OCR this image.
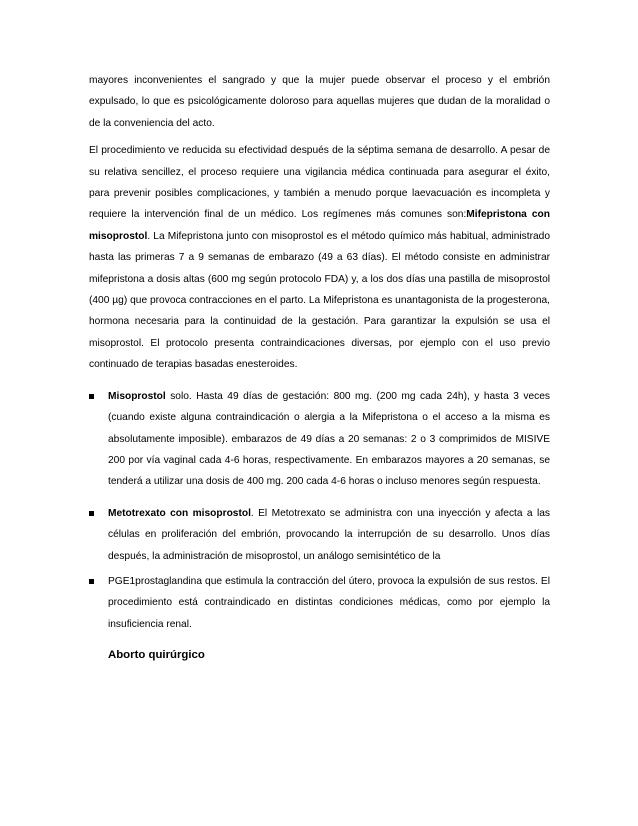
mayores inconvenientes el sangrado y que la mujer puede observar el proceso y el embrión expulsado, lo que es psicológicamente doloroso para aquellas mujeres que dudan de la moralidad o de la conveniencia del acto.

El procedimiento ve reducida su efectividad después de la séptima semana de desarrollo. A pesar de su relativa sencillez, el proceso requiere una vigilancia médica continuada para asegurar el éxito, para prevenir posibles complicaciones, y también a menudo porque laevacuación es incompleta y requiere la intervención final de un médico. Los regímenes más comunes son:Mifepristona con misoprostol. La Mifepristona junto con misoprostol es el método químico más habitual, administrado hasta las primeras 7 a 9 semanas de embarazo (49 a 63 días). El método consiste en administrar mifepristona a dosis altas (600 mg según protocolo FDA) y, a los dos días una pastilla de misoprostol (400 µg) que provoca contracciones en el parto. La Mifepristona es unantagonista de la progesterona, hormona necesaria para la continuidad de la gestación. Para garantizar la expulsión se usa el misoprostol. El protocolo presenta contraindicaciones diversas, por ejemplo con el uso previo continuado de terapias basadas enesteroides.

Misoprostol solo. Hasta 49 días de gestación: 800 mg. (200 mg cada 24h), y hasta 3 veces (cuando existe alguna contraindicación o alergia a la Mifepristona o el acceso a la misma es absolutamente imposible). embarazos de 49 días a 20 semanas: 2 o 3 comprimidos de MISIVE 200 por vía vaginal cada 4-6 horas, respectivamente. En embarazos mayores a 20 semanas, se tenderá a utilizar una dosis de 400 mg. 200 cada 4-6 horas o incluso menores según respuesta.
Metotrexato con misoprostol. El Metotrexato se administra con una inyección y afecta a las células en proliferación del embrión, provocando la interrupción de su desarrollo. Unos días después, la administración de misoprostol, un análogo semisintético de la
PGE1prostaglandina que estimula la contracción del útero, provoca la expulsión de sus restos. El procedimiento está contraindicado en distintas condiciones médicas, como por ejemplo la insuficiencia renal.
Aborto quirúrgico
